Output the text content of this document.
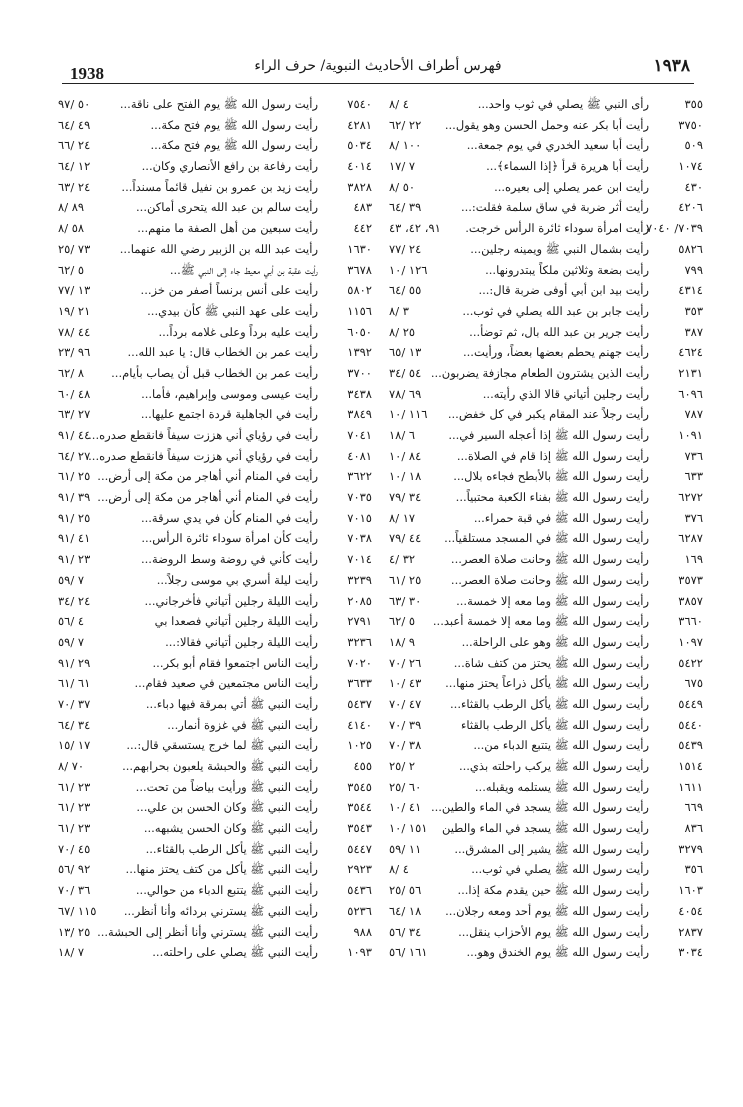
1938	فهرس أطراف الأحاديث النبوية/ حرف الراء	١٩٣٨
٣٥٥
رأى النبي ﷺ يصلي في ثوب واحد...
٤ /٨
٣٧٥٠
رأيت أبا بكر عنه وحمل الحسن وهو يقول...
٢٢ /٦٢
٥٠٩
رأيت أبا سعيد الخدري في يوم جمعة...
١٠٠ /٨
١٠٧٤
رأيت أبا هريرة قرأ ﴿إذا السماء﴾...
٧ /١٧
٤٣٠
رأيت ابن عمر يصلي إلى بعيره...
٥٠ /٨
٤٢٠٦
رأيت أثر ضربة في ساق سلمة فقلت:...
٣٩ /٦٤
٧٠٣٩/ ٧٠٤٠
رأيت امرأة سوداء ثائرة الرأس خرجت.
٩١، ٤٢، ٤٣
٥٨٢٦
رأيت بشمال النبي ﷺ ويمينه رجلين...
٢٤ /٧٧
٧٩٩
رأيت بضعة وثلاثين ملكاً يبتدرونها...
١٢٦ /١٠
٤٣١٤
رأيت بيد ابن أبي أوفى ضربة قال:...
٥٥ /٦٤
٣٥٣
رأيت جابر بن عبد الله يصلي في ثوب...
٣ /٨
٣٨٧
رأيت جرير بن عبد الله بال، ثم توضأ...
٢٥ /٨
٤٦٢٤
رأيت جهنم يحطم بعضها بعضاً، ورأيت...
١٣ /٦٥
٢١٣١
رأيت الذين يشترون الطعام مجازفة يضربون...
٥٤ /٣٤
٦٠٩٦
رأيت رجلين أتياني قالا الذي رأيته...
٦٩ /٧٨
٧٨٧
رأيت رجلاً عند المقام يكبر في كل خفض...
١١٦ /١٠
١٠٩١
رأيت رسول الله ﷺ إذا أعجله السير في...
٦ /١٨
٧٣٦
رأيت رسول الله ﷺ إذا قام في الصلاة...
٨٤ /١٠
٦٣٣
رأيت رسول الله ﷺ بالأبطح فجاءه بلال...
١٨ /١٠
٦٢٧٢
رأيت رسول الله ﷺ بفناء الكعبة محتبياً...
٣٤ /٧٩
٣٧٦
رأيت رسول الله ﷺ في قبة حمراء...
١٧ /٨
٦٢٨٧
رأيت رسول الله ﷺ في المسجد مستلقياً...
٤٤ /٧٩
١٦٩
رأيت رسول الله ﷺ وحانت صلاة العصر...
٣٢ /٤
٣٥٧٣
رأيت رسول الله ﷺ وحانت صلاة العصر...
٢٥ /٦١
٣٨٥٧
رأيت رسول الله ﷺ وما معه إلا خمسة...
٣٠ /٦٣
٣٦٦٠
رأيت رسول الله ﷺ وما معه إلا خمسة أعبد...
٥ /٦٢
١٠٩٧
رأيت رسول الله ﷺ وهو على الراحلة...
٩ /١٨
٥٤٢٢
رأيت رسول الله ﷺ يحتز من كتف شاة...
٢٦ /٧٠
٦٧٥
رأيت رسول الله ﷺ يأكل ذراعاً يحتز منها...
٤٣ /١٠
٥٤٤٩
رأيت رسول الله ﷺ يأكل الرطب بالقثاء...
٤٧ /٧٠
٥٤٤٠
رأيت رسول الله ﷺ يأكل الرطب بالقثاء
٣٩ /٧٠
٥٤٣٩
رأيت رسول الله ﷺ يتتبع الدباء من...
٣٨ /٧٠
١٥١٤
رأيت رسول الله ﷺ يركب راحلته بذي...
٢ /٢٥
١٦١١
رأيت رسول الله ﷺ يستلمه ويقبله...
٦٠ /٢٥
٦٦٩
رأيت رسول الله ﷺ يسجد في الماء والطين...
٤١ /١٠
٨٣٦
رأيت رسول الله ﷺ يسجد في الماء والطين
١٥١ /١٠
٣٢٧٩
رأيت رسول الله ﷺ يشير إلى المشرق...
١١ /٥٩
٣٥٦
رأيت رسول الله ﷺ يصلي في ثوب...
٤ /٨
١٦٠٣
رأيت رسول الله ﷺ حين يقدم مكة إذا...
٥٦ /٢٥
٤٠٥٤
رأيت رسول الله ﷺ يوم أحد ومعه رجلان...
١٨ /٦٤
٢٨٣٧
رأيت رسول الله ﷺ يوم الأحزاب ينقل...
٣٤ /٥٦
٣٠٣٤
رأيت رسول الله ﷺ يوم الخندق وهو...
١٦١ /٥٦
٧٥٤٠
رأيت رسول الله ﷺ يوم الفتح على ناقة...
٥٠ /٩٧
٤٢٨١
رأيت رسول الله ﷺ يوم فتح مكة...
٤٩ /٦٤
٥٠٣٤
رأيت رسول الله ﷺ يوم فتح مكة...
٢٤ /٦٦
٤٠١٤
رأيت رفاعة بن رافع الأنصاري وكان...
١٢ /٦٤
٣٨٢٨
رأيت زيد بن عمرو بن نفيل قائماً مسنداً...
٢٤ /٦٣
٤٨٣
رأيت سالم بن عبد الله يتحرى أماكن...
٨٩ /٨
٤٤٢
رأيت سبعين من أهل الصفة ما منهم...
٥٨ /٨
١٦٣٠
رأيت عبد الله بن الزبير رضي الله عنهما...
٧٣ /٢٥
٣٦٧٨
رأيت عقبة بن أبي معيط جاء إلى النبي ﷺ...
٥ /٦٢
٥٨٠٢
رأيت على أنس برنساً أصفر من خز...
١٣ /٧٧
١١٥٦
رأيت على عهد النبي ﷺ كأن بيدي...
٢١ /١٩
٦٠٥٠
رأيت عليه برداً وعلى غلامه برداً...
٤٤ /٧٨
١٣٩٢
رأيت عمر بن الخطاب قال: يا عبد الله...
٩٦ /٢٣
٣٧٠٠
رأيت عمر بن الخطاب قبل أن يصاب بأيام...
٨ /٦٢
٣٤٣٨
رأيت عيسى وموسى وإبراهيم، فأما...
٤٨ /٦٠
٣٨٤٩
رأيت في الجاهلية قردة اجتمع عليها...
٢٧ /٦٣
٧٠٤١
رأيت في رؤياي أني هززت سيفاً فانقطع صدره...
٤٤ /٩١
٤٠٨١
رأيت في رؤياي أني هززت سيفاً فانقطع صدره...
٢٧ /٦٤
٣٦٢٢
رأيت في المنام أني أهاجر من مكة إلى أرض...
٢٥ /٦١
٧٠٣٥
رأيت في المنام أني أهاجر من مكة إلى أرض...
٣٩ /٩١
٧٠١٥
رأيت في المنام كأن في يدي سرقة...
٢٥ /٩١
٧٠٣٨
رأيت كأن امرأة سوداء ثائرة الرأس...
٤١ /٩١
٧٠١٤
رأيت كأني في روضة وسط الروضة...
٢٣ /٩١
٣٢٣٩
رأيت ليلة أسري بي موسى رجلاً...
٧ /٥٩
٢٠٨٥
رأيت الليلة رجلين أتياني فأخرجاني...
٢٤ /٣٤
٢٧٩١
رأيت الليلة رجلين أتياني فصعدا بي
٤ /٥٦
٣٢٣٦
رأيت الليلة رجلين أتياني فقالا:...
٧ /٥٩
٧٠٢٠
رأيت الناس اجتمعوا فقام أبو بكر...
٢٩ /٩١
٣٦٣٣
رأيت الناس مجتمعين في صعيد فقام...
٦١ /٦١
٥٤٣٧
رأيت النبي ﷺ أتي بمرقة فيها دباء...
٣٧ /٧٠
٤١٤٠
رأيت النبي ﷺ في غزوة أنمار...
٣٤ /٦٤
١٠٢٥
رأيت النبي ﷺ لما خرج يستسقي قال:...
١٧ /١٥
٤٥٥
رأيت النبي ﷺ والحبشة يلعبون بحرابهم...
٧٠ /٨
٣٥٤٥
رأيت النبي ﷺ ورأيت بياضاً من تحت...
٢٣ /٦١
٣٥٤٤
رأيت النبي ﷺ وكان الحسن بن علي...
٢٣ /٦١
٣٥٤٣
رأيت النبي ﷺ وكان الحسن يشبهه...
٢٣ /٦١
٥٤٤٧
رأيت النبي ﷺ يأكل الرطب بالقثاء...
٤٥ /٧٠
٢٩٢٣
رأيت النبي ﷺ يأكل من كتف يحتز منها...
٩٢ /٥٦
٥٤٣٦
رأيت النبي ﷺ يتتبع الدباء من حوالي...
٣٦ /٧٠
٥٢٣٦
رأيت النبي ﷺ يسترني بردائه وأنا أنظر...
١١٥ /٦٧
٩٨٨
رأيت النبي ﷺ يسترني وأنا أنظر إلى الحبشة...
٢٥ /١٣
١٠٩٣
رأيت النبي ﷺ يصلي على راحلته...
٧ /١٨
